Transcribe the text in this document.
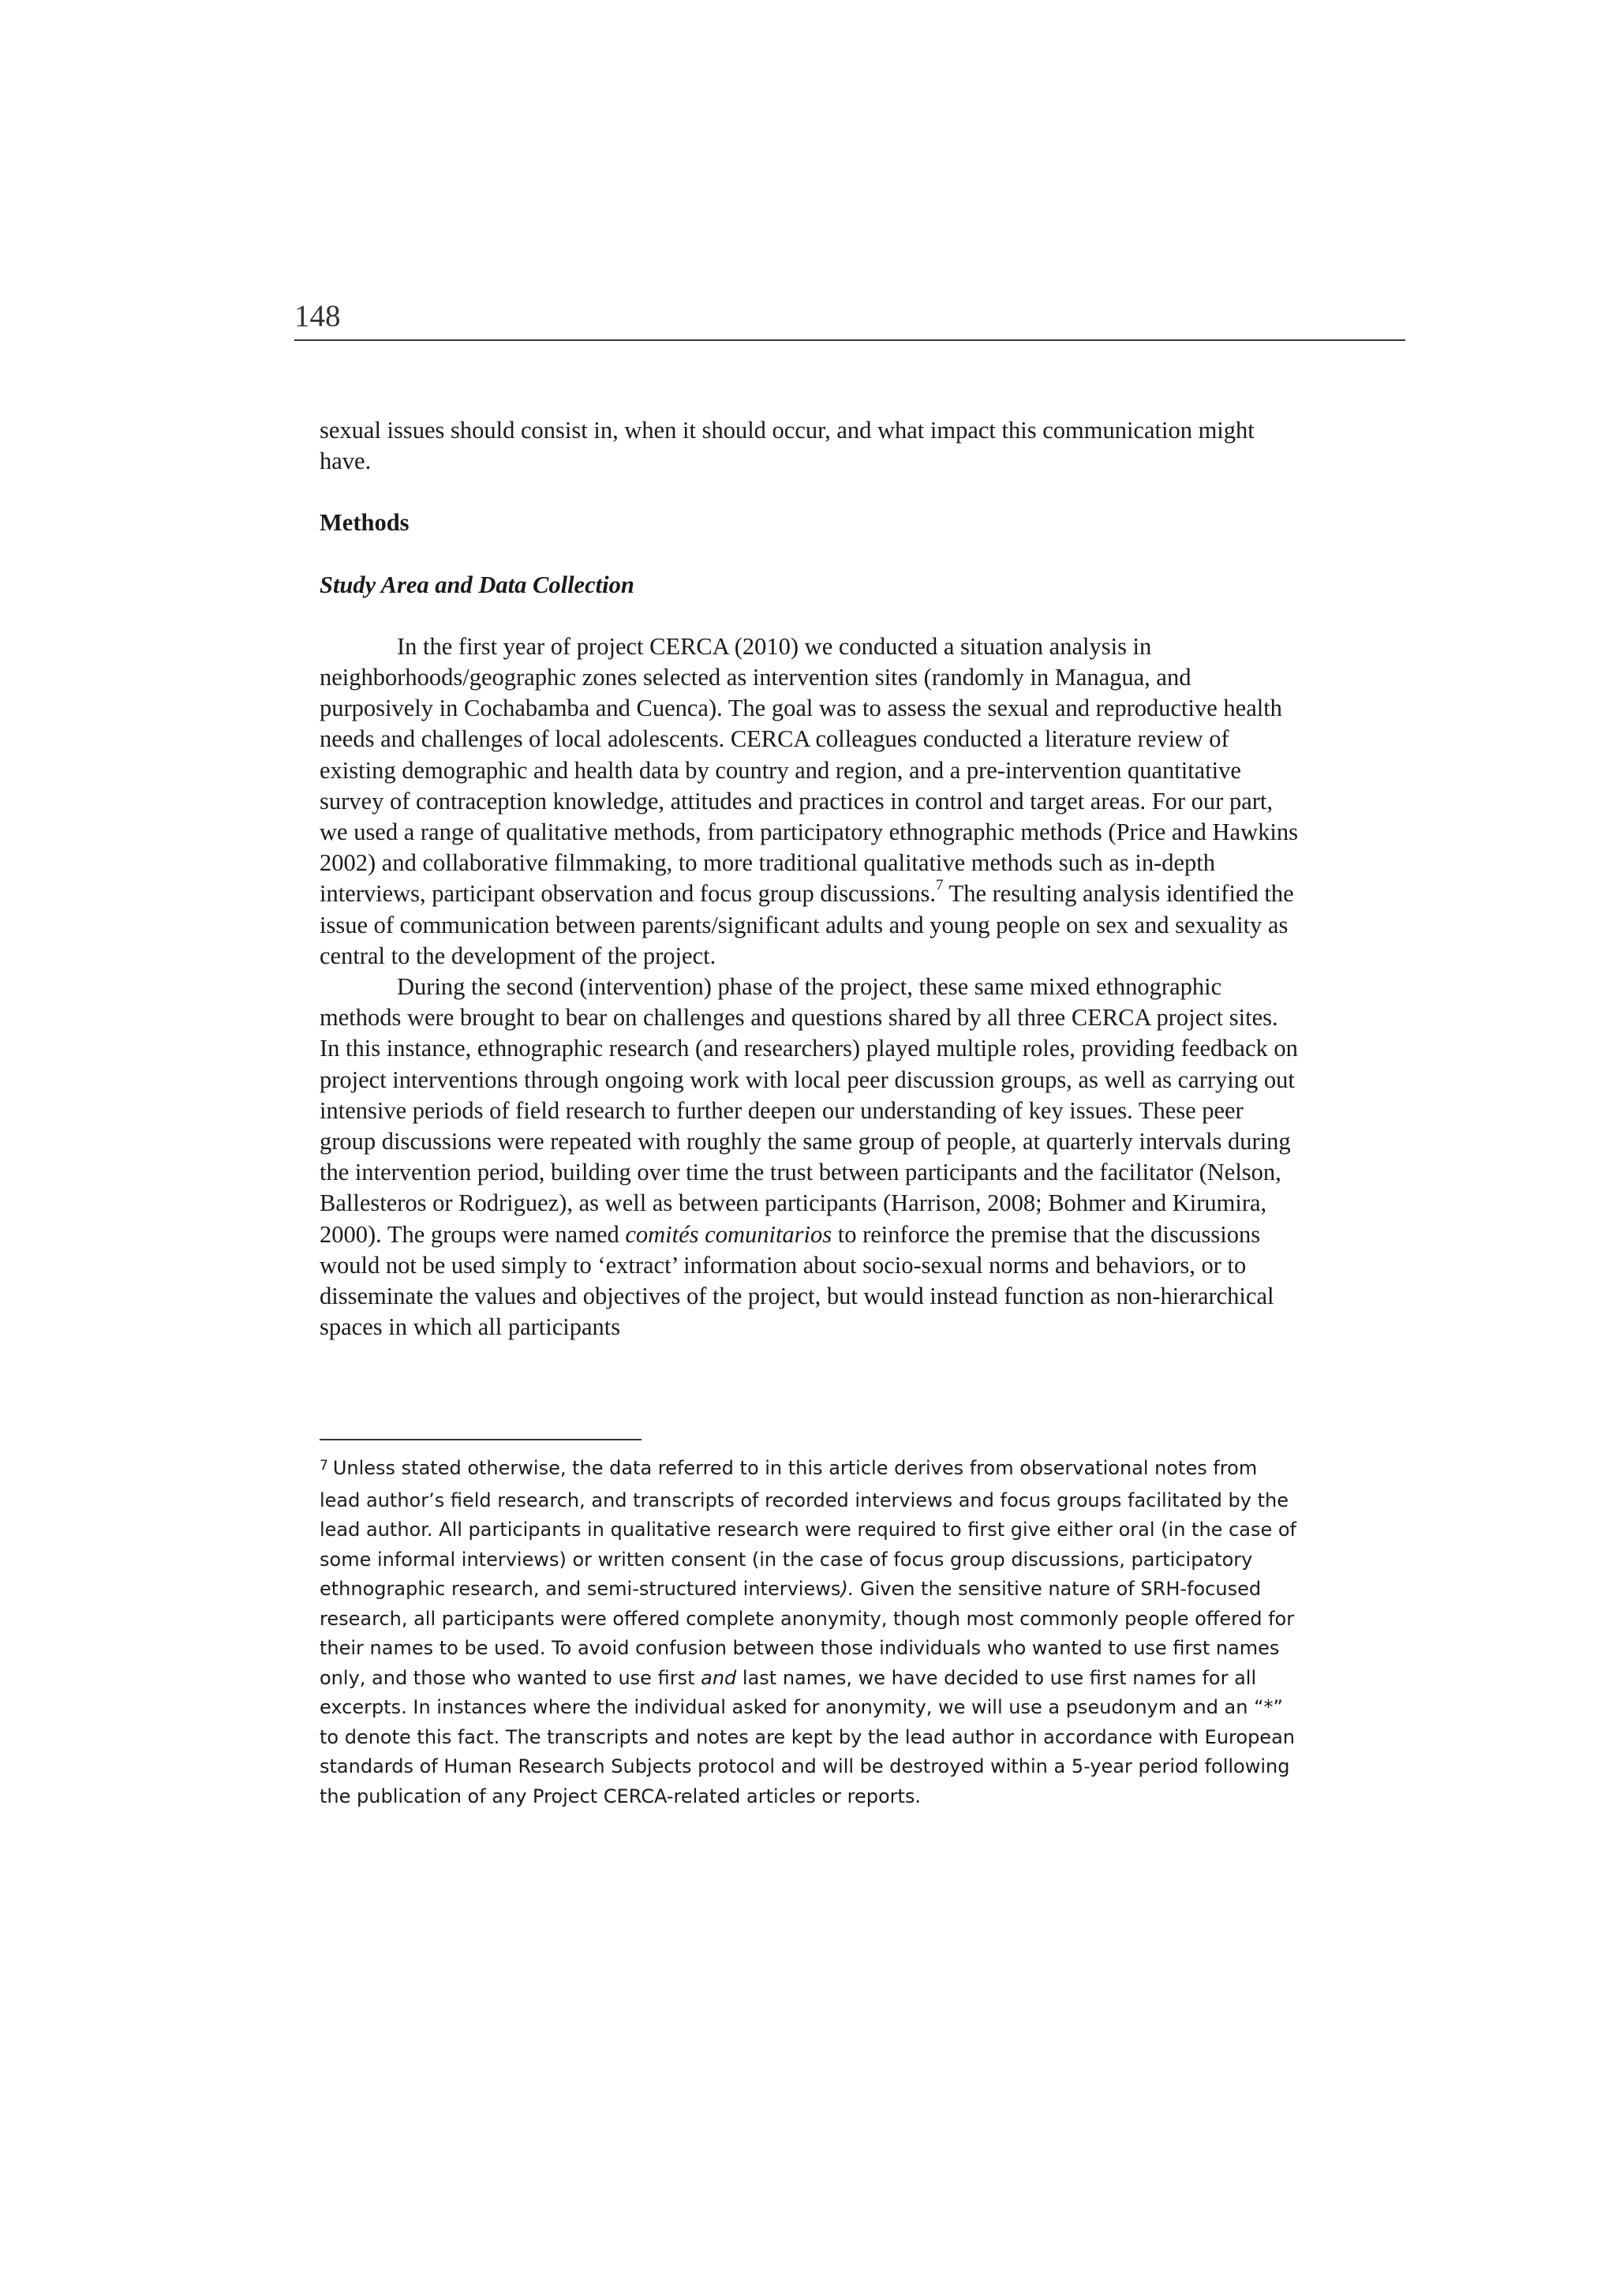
148

sexual issues should consist in, when it should occur, and what impact this communication might have.

Methods

Study Area and Data Collection

In the first year of project CERCA (2010) we conducted a situation analysis in neighborhoods/geographic zones selected as intervention sites (randomly in Managua, and purposively in Cochabamba and Cuenca). The goal was to assess the sexual and reproductive health needs and challenges of local adolescents. CERCA colleagues conducted a literature review of existing demographic and health data by country and region, and a pre-intervention quantitative survey of contraception knowledge, attitudes and practices in control and target areas. For our part, we used a range of qualitative methods, from participatory ethnographic methods (Price and Hawkins 2002) and collaborative filmmaking, to more traditional qualitative methods such as in-depth interviews, participant observation and focus group discussions.$^7$ The resulting analysis identified the issue of communication between parents/significant adults and young people on sex and sexuality as central to the development of the project.

During the second (intervention) phase of the project, these same mixed ethnographic methods were brought to bear on challenges and questions shared by all three CERCA project sites. In this instance, ethnographic research (and researchers) played multiple roles, providing feedback on project interventions through ongoing work with local peer discussion groups, as well as carrying out intensive periods of field research to further deepen our understanding of key issues. These peer group discussions were repeated with roughly the same group of people, at quarterly intervals during the intervention period, building over time the trust between participants and the facilitator (Nelson, Ballesteros or Rodriguez), as well as between participants (Harrison, 2008; Bohmer and Kirumira, 2000). The groups were named comités comunitarios to reinforce the premise that the discussions would not be used simply to ‘extract’ information about socio-sexual norms and behaviors, or to disseminate the values and objectives of the project, but would instead function as non-hierarchical spaces in which all participants

$^7$ Unless stated otherwise, the data referred to in this article derives from observational notes from lead author’s field research, and transcripts of recorded interviews and focus groups facilitated by the lead author. All participants in qualitative research were required to first give either oral (in the case of some informal interviews) or written consent (in the case of focus group discussions, participatory ethnographic research, and semi-structured interviews). Given the sensitive nature of SRH-focused research, all participants were offered complete anonymity, though most commonly people offered for their names to be used. To avoid confusion between those individuals who wanted to use first names only, and those who wanted to use first and last names, we have decided to use first names for all excerpts. In instances where the individual asked for anonymity, we will use a pseudonym and an “*” to denote this fact. The transcripts and notes are kept by the lead author in accordance with European standards of Human Research Subjects protocol and will be destroyed within a 5-year period following the publication of any Project CERCA-related articles or reports.
